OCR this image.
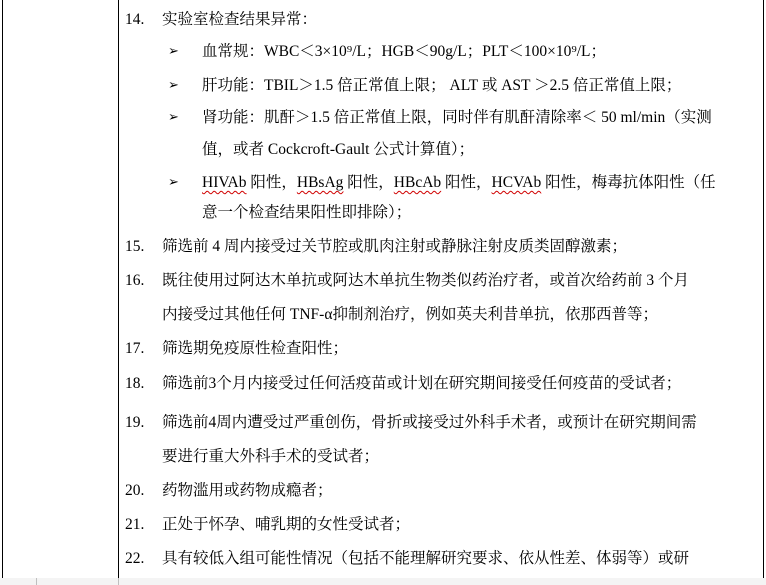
14. 实验室检查结果异常：
➢ 血常规：WBC＜3×10⁹/L；HGB＜90g/L；PLT＜100×10⁹/L；
➢ 肝功能：TBIL＞1.5 倍正常值上限； ALT 或 AST ＞2.5 倍正常值上限；
➢ 肾功能：肌酐＞1.5 倍正常值上限，同时伴有肌酐清除率＜ 50 ml/min（实测
值，或者 Cockcroft-Gault 公式计算值）；
➢ HIVAb 阳性，HBsAg 阳性，HBcAb 阳性，HCVAb 阳性，梅毒抗体阳性（任
意一个检查结果阳性即排除）；
15. 筛选前 4 周内接受过关节腔或肌肉注射或静脉注射皮质类固醇激素；
16. 既往使用过阿达木单抗或阿达木单抗生物类似药治疗者，或首次给药前 3 个月
内接受过其他任何 TNF-α抑制剂治疗，例如英夫利昔单抗，依那西普等；
17. 筛选期免疫原性检查阳性；
18. 筛选前3个月内接受过任何活疫苗或计划在研究期间接受任何疫苗的受试者；
19. 筛选前4周内遭受过严重创伤，骨折或接受过外科手术者，或预计在研究期间需
要进行重大外科手术的受试者；
20. 药物滥用或药物成瘾者；
21. 正处于怀孕、哺乳期的女性受试者；
22. 具有较低入组可能性情况（包括不能理解研究要求、依从性差、体弱等）或研
